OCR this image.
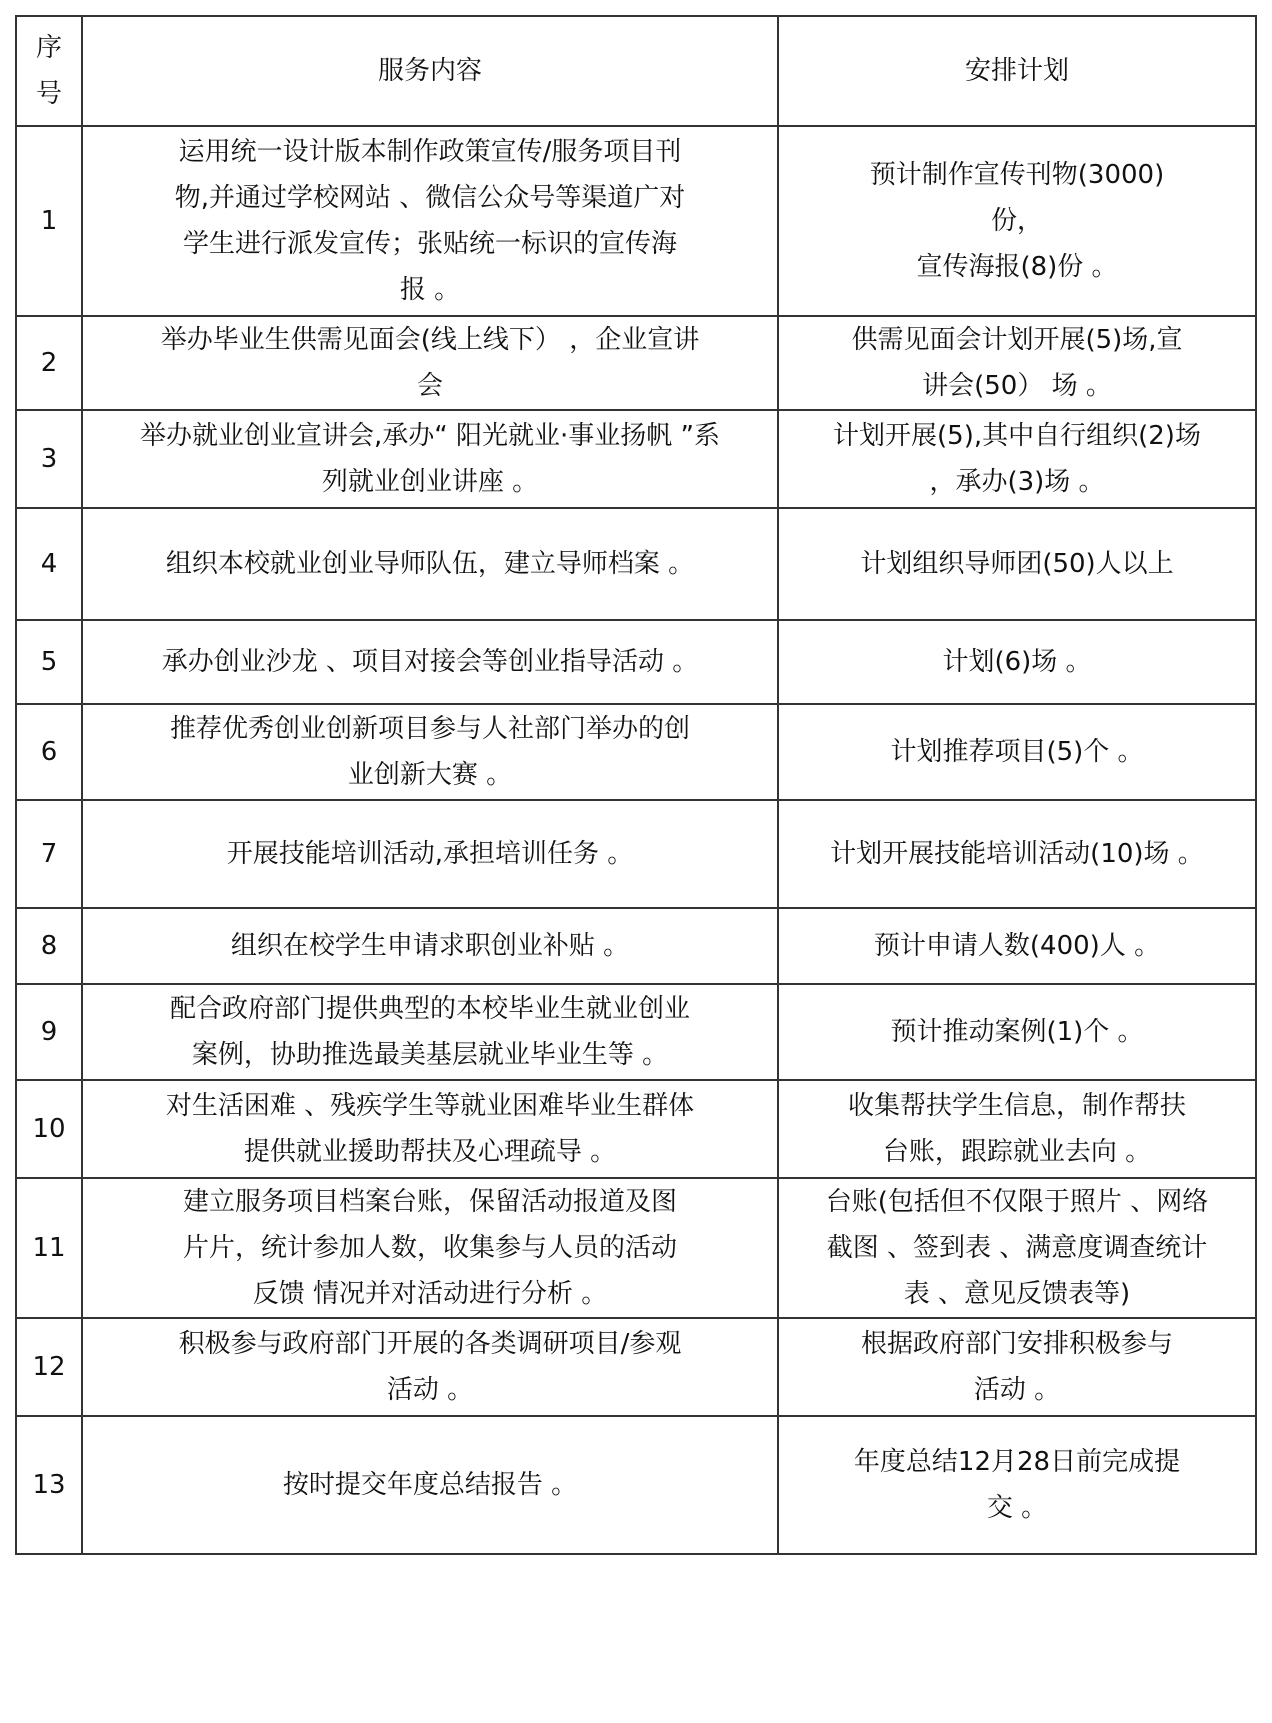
序
号	服务内容	安排计划

1	运用统一设计版本制作政策宣传/服务项目刊
物,并通过学校网站 、微信公众号等渠道广对
学生进行派发宣传；张贴统一标识的宣传海
报 。	预计制作宣传刊物(3000)
份，
宣传海报(8)份 。

2	举办毕业生供需见面会(线上线下） ，企业宣讲
会	供需见面会计划开展(5)场,宣
讲会(50） 场 。

3	举办就业创业宣讲会,承办“ 阳光就业·事业扬帆 ”系
列就业创业讲座 。	计划开展(5),其中自行组织(2)场
，承办(3)场 。

4	组织本校就业创业导师队伍，建立导师档案 。	计划组织导师团(50)人以上

5	承办创业沙龙 、项目对接会等创业指导活动 。	计划(6)场 。

6	推荐优秀创业创新项目参与人社部门举办的创
业创新大赛 。	计划推荐项目(5)个 。

7	开展技能培训活动,承担培训任务 。	计划开展技能培训活动(10)场 。

8	组织在校学生申请求职创业补贴 。	预计申请人数(400)人 。

9	配合政府部门提供典型的本校毕业生就业创业
案例，协助推选最美基层就业毕业生等 。	预计推动案例(1)个 。

10	对生活困难 、残疾学生等就业困难毕业生群体
提供就业援助帮扶及心理疏导 。	收集帮扶学生信息，制作帮扶
台账，跟踪就业去向 。

11	建立服务项目档案台账，保留活动报道及图
片片，统计参加人数，收集参与人员的活动
反馈 情况并对活动进行分析 。	台账(包括但不仅限于照片 、网络
截图 、签到表 、满意度调查统计
表 、意见反馈表等)

12	积极参与政府部门开展的各类调研项目/参观
活动 。	根据政府部门安排积极参与
活动 。

13	按时提交年度总结报告 。	年度总结12月28日前完成提
交 。
